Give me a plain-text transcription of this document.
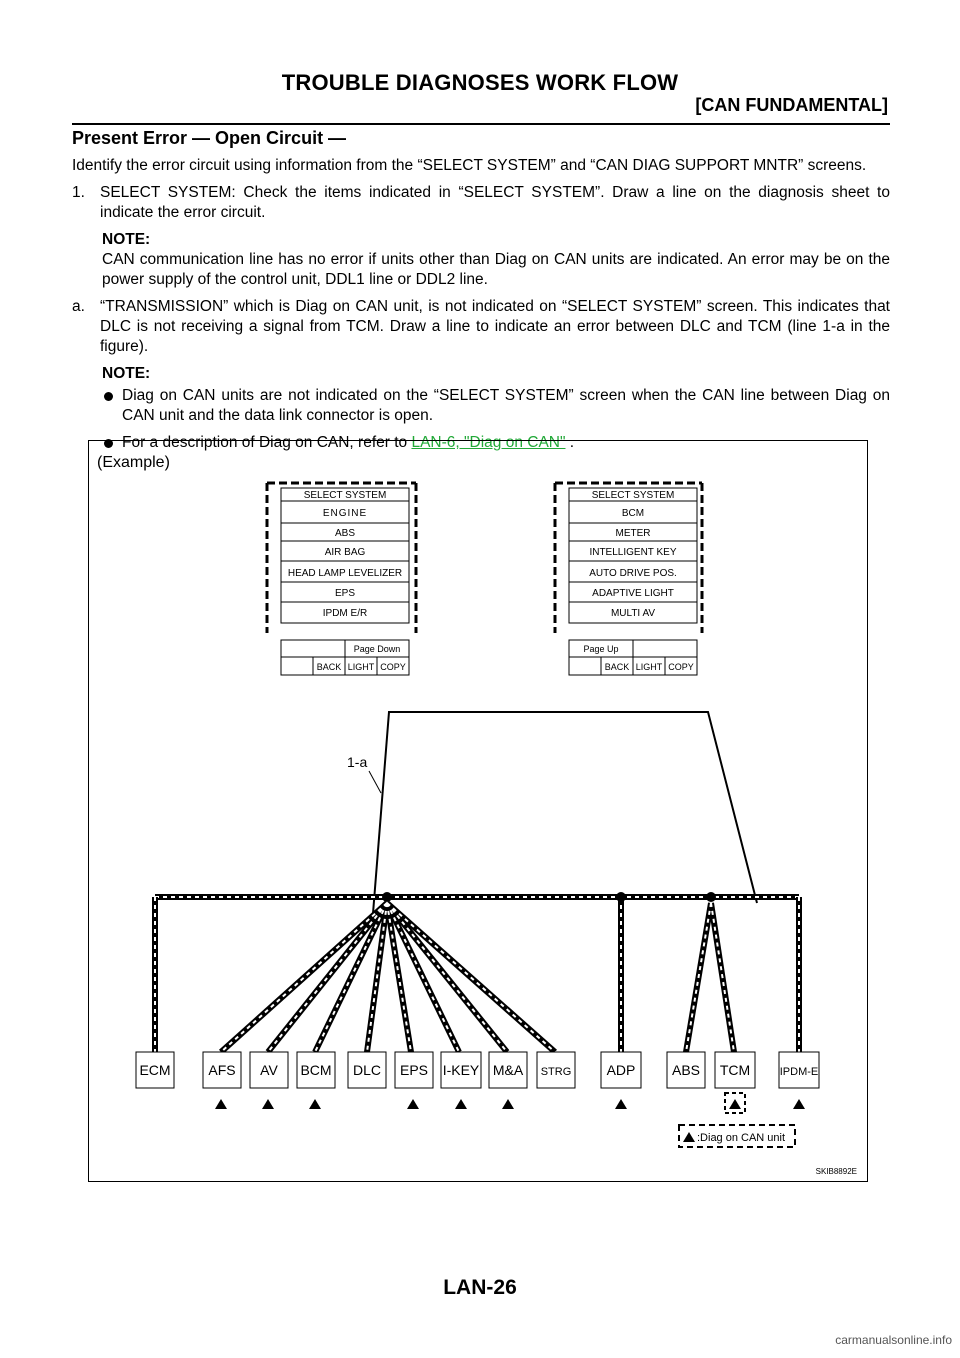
TROUBLE DIAGNOSES WORK FLOW
[CAN FUNDAMENTAL]
Present Error — Open Circuit —
Identify the error circuit using information from the “SELECT SYSTEM” and “CAN DIAG SUPPORT MNTR” screens.
1. SELECT SYSTEM: Check the items indicated in “SELECT SYSTEM”. Draw a line on the diagnosis sheet to indicate the error circuit.
NOTE:
CAN communication line has no error if units other than Diag on CAN units are indicated. An error may be on the power supply of the control unit, DDL1 line or DDL2 line.
a. “TRANSMISSION” which is Diag on CAN unit, is not indicated on “SELECT SYSTEM” screen. This indicates that DLC is not receiving a signal from TCM. Draw a line to indicate an error between DLC and TCM (line 1-a in the figure).
NOTE:
Diag on CAN units are not indicated on the “SELECT SYSTEM” screen when the CAN line between Diag on CAN unit and the data link connector is open.
For a description of Diag on CAN, refer to LAN-6, "Diag on CAN" .
(Example)
SELECT SYSTEM
ENGINE
ABS
AIR BAG
HEAD LAMP LEVELIZER
EPS
IPDM E/R
Page Down
BACK LIGHT COPY
SELECT SYSTEM
BCM
METER
INTELLIGENT KEY
AUTO DRIVE POS.
ADAPTIVE LIGHT
MULTI AV
Page Up
BACK LIGHT COPY
1-a
ECM	AFS AV BCM DLC EPS I-KEY M&A STRG	ADP	ABS TCM	IPDM-E
:Diag on CAN unit
SKIB8892E
LAN-26
carmanualsonline.info
